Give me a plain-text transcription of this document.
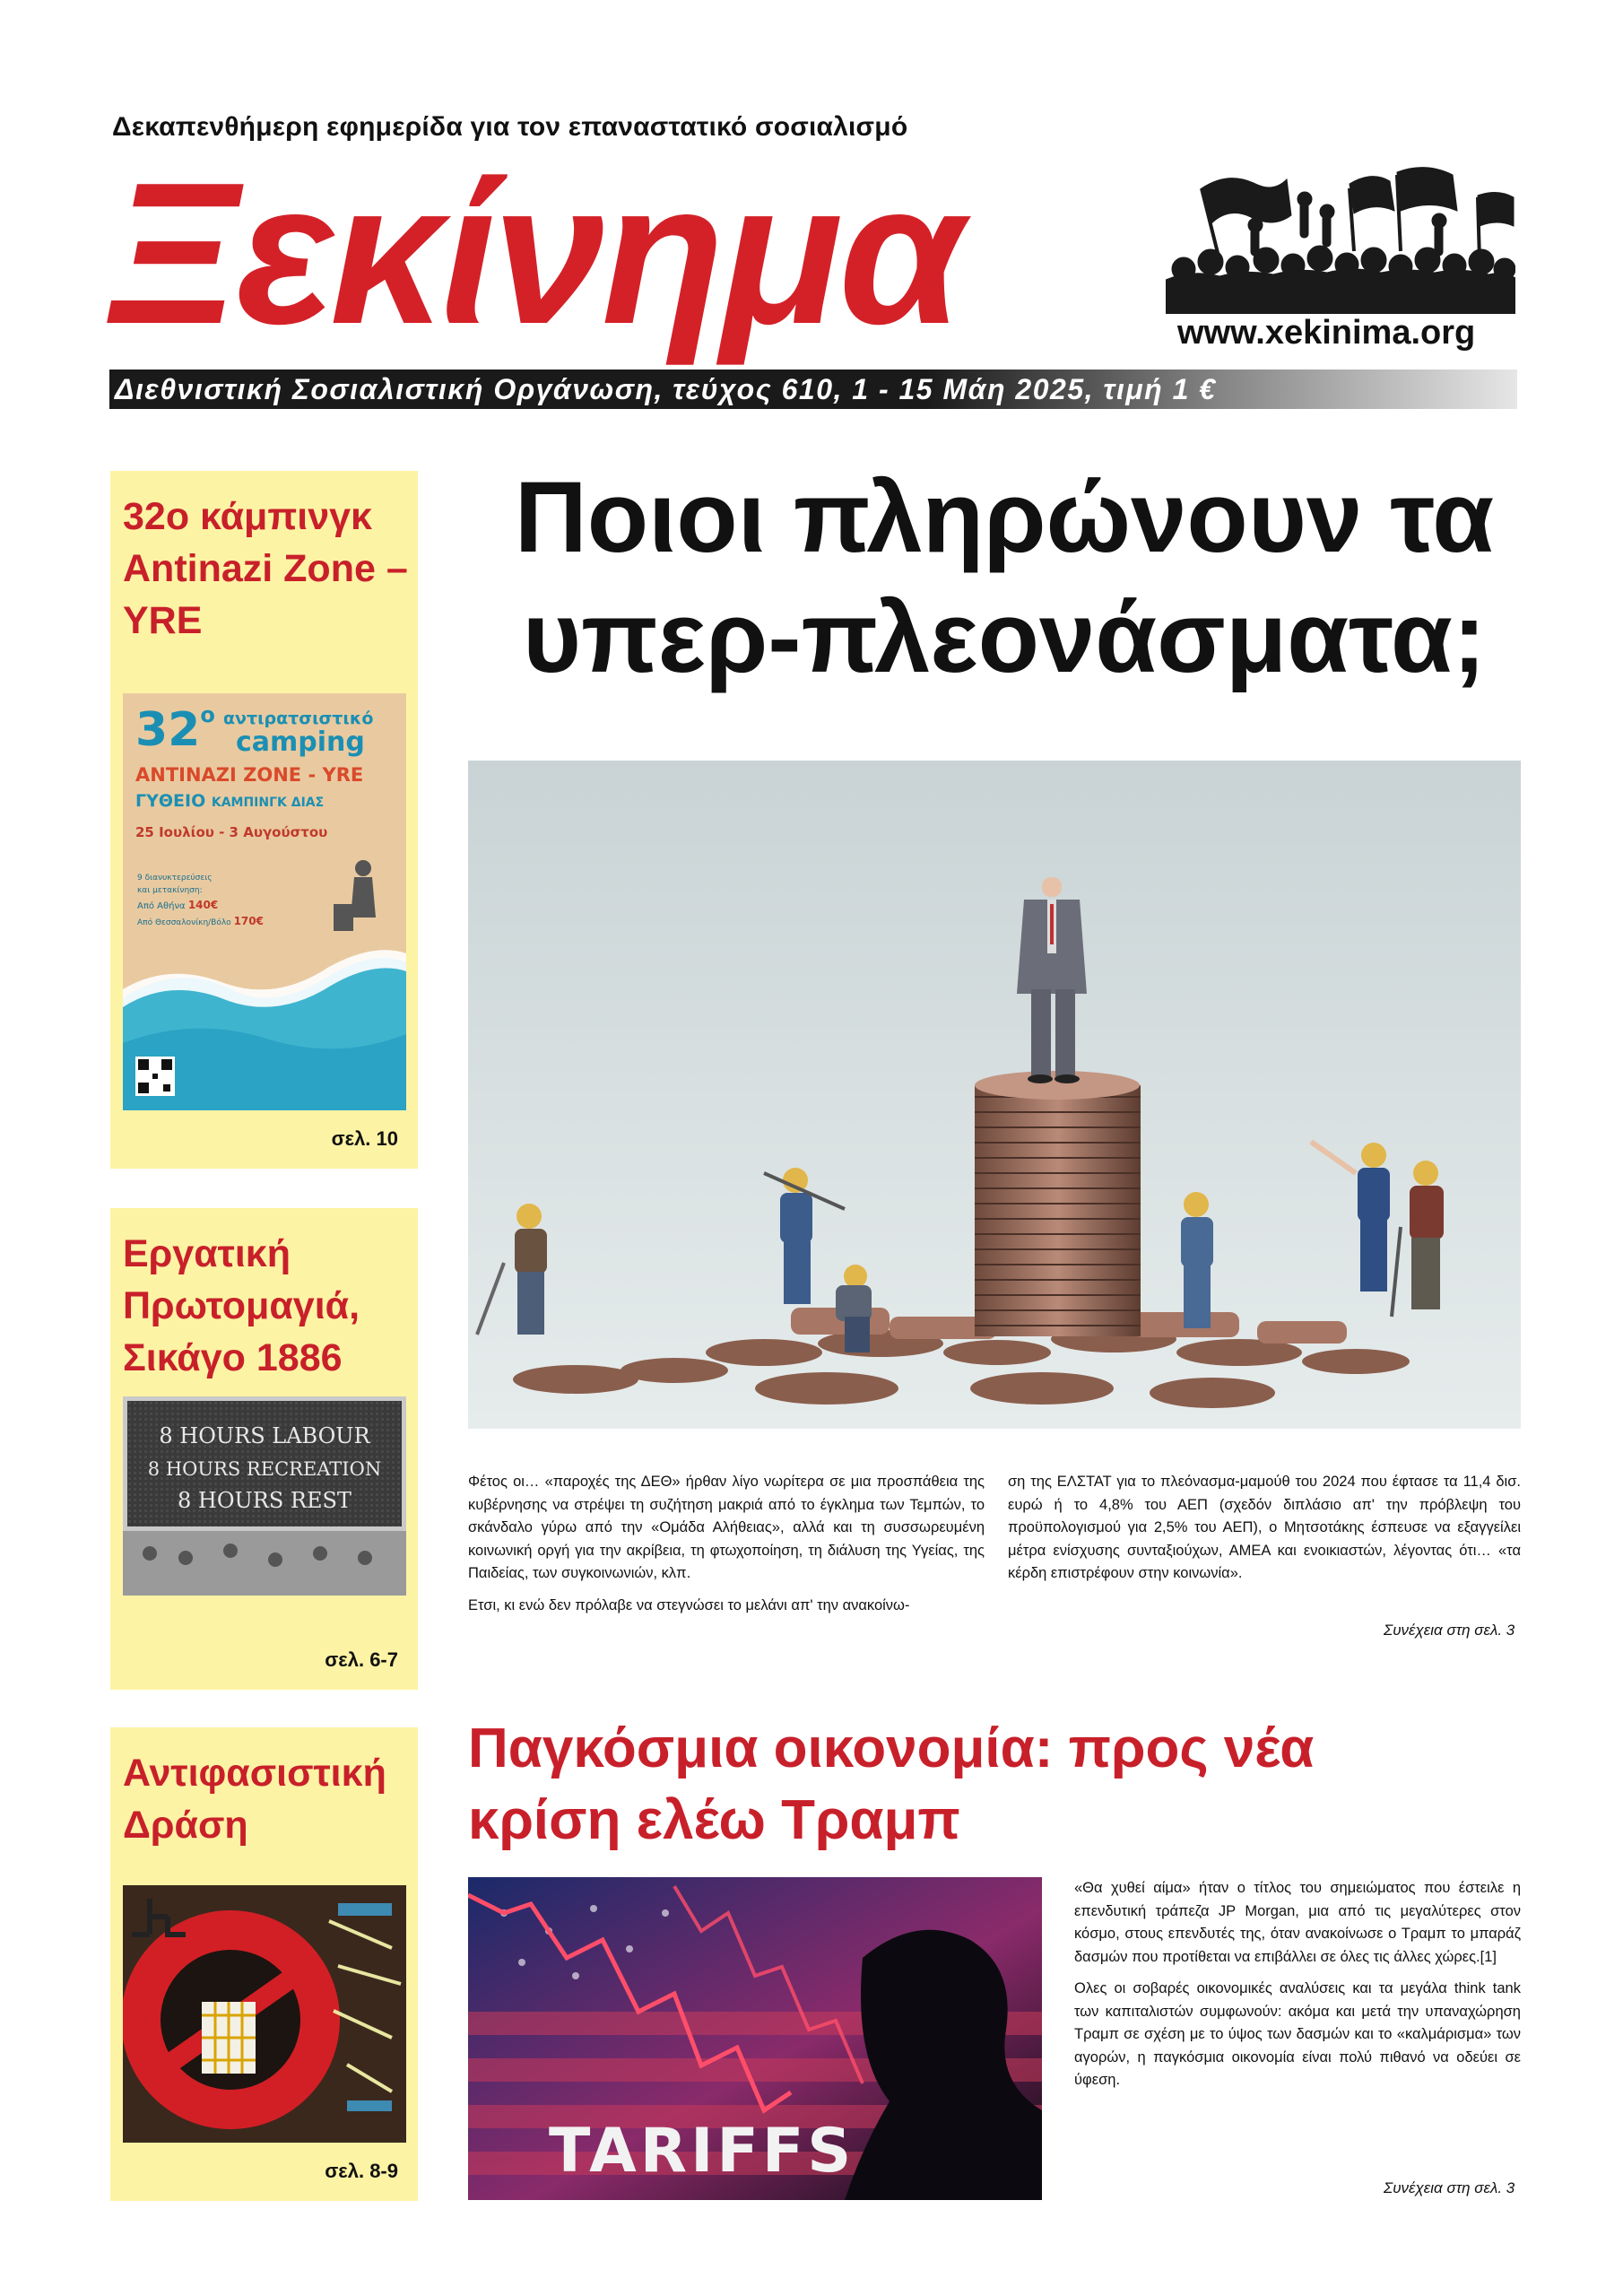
Δεκαπενθήμερη εφημερίδα για τον επαναστατικό σοσιαλισμό
Ξεκίνημα	www.xekinima.org
Διεθνιστική Σοσιαλιστική Οργάνωση, τεύχος 610, 1 - 15 Μάη 2025, τιμή 1 €
32ο κάμπινγκ Antinazi Zone – YRE
$32^o$ αντιρατσιστικό
camping
ANTINAZI ZONE - YRE
ΓΥΘΕΙΟ ΚΑΜΠΙΝΓΚ ΔΙΑΣ
25 Ιουλίου - 3 Αυγούστου
9 διανυκτερεύσεις
και μετακίνηση:
Από Αθήνα 140€
Από Θεσσαλονίκη/Βόλο 170€
σελ. 10
Εργατική Πρωτομαγιά, Σικάγο 1886
8 HOURS LABOUR
8 HOURS RECREATION
8 HOURS REST
σελ. 6-7
Αντιφασιστική Δράση
σελ. 8-9
Ποιοι πληρώνουν τα υπερ-πλεονάσματα;

Φέτος οι… «παροχές της ΔΕΘ» ήρθαν λίγο νωρίτερα σε μια προσπάθεια της κυβέρνησης να στρέψει τη συζήτηση μακριά από το έγκλημα των Τεμπών, το σκάνδαλο γύρω από την «Ομάδα Αλήθειας», αλλά και τη συσσωρευμένη κοινωνική οργή για την ακρίβεια, τη φτωχοποίηση, τη διάλυση της Υγείας, της Παιδείας, των συγκοινωνιών, κλπ.

Ετσι, κι ενώ δεν πρόλαβε να στεγνώσει το μελάνι απ' την ανακοίνω-

ση της ΕΛΣΤΑΤ για το πλεόνασμα-μαμούθ του 2024 που έφτασε τα 11,4 δισ. ευρώ ή το 4,8% του ΑΕΠ (σχεδόν διπλάσιο απ' την πρόβλεψη του προϋπολογισμού για 2,5% του ΑΕΠ), ο Μητσοτάκης έσπευσε να εξαγγείλει μέτρα ενίσχυσης συνταξιούχων, ΑΜΕΑ και ενοικιαστών, λέγοντας ότι… «τα κέρδη επιστρέφουν στην κοινωνία».

Συνέχεια στη σελ. 3
Παγκόσμια οικονομία: προς νέα κρίση ελέω Τραμπ
TARIFFS

«Θα χυθεί αίμα» ήταν ο τίτλος του σημειώματος που έστειλε η επενδυτική τράπεζα JP Morgan, μια από τις μεγαλύτερες στον κόσμο, στους επενδυτές της, όταν ανακοίνωσε ο Τραμπ το μπαράζ δασμών που προτίθεται να επιβάλλει σε όλες τις άλλες χώρες.[1]

Ολες οι σοβαρές οικονομικές αναλύσεις και τα μεγάλα think tank των καπιταλιστών συμφωνούν: ακόμα και μετά την υπαναχώρηση Τραμπ σε σχέση με το ύψος των δασμών και το «καλμάρισμα» των αγορών, η παγκόσμια οικονομία είναι πολύ πιθανό να οδεύει σε ύφεση.

Συνέχεια στη σελ. 3
